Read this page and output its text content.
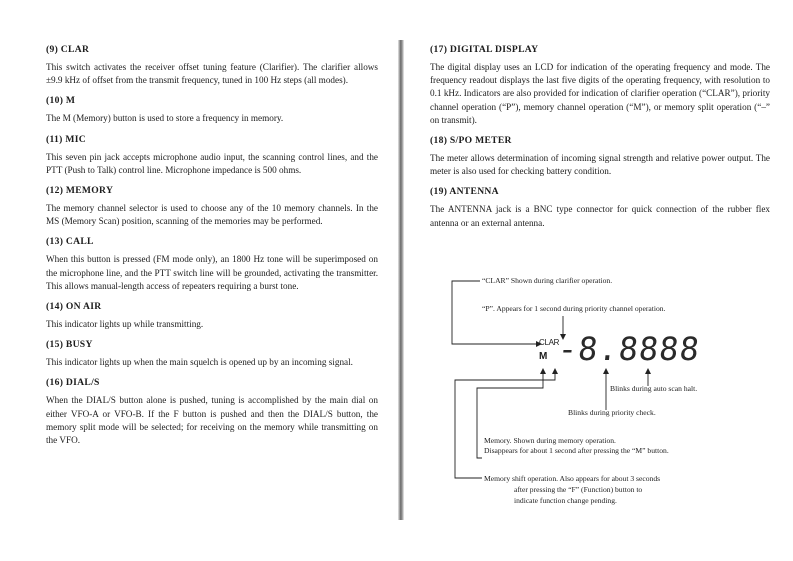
(9) CLAR

This switch activates the receiver offset tuning feature (Clarifier). The clarifier allows ±9.9 kHz of offset from the transmit frequency, tuned in 100 Hz steps (all modes).

(10) M

The M (Memory) button is used to store a frequency in memory.

(11) MIC

This seven pin jack accepts microphone audio input, the scanning control lines, and the PTT (Push to Talk) control line. Microphone impedance is 500 ohms.

(12) MEMORY

The memory channel selector is used to choose any of the 10 memory channels. In the MS (Memory Scan) position, scanning of the memories may be performed.

(13) CALL

When this button is pressed (FM mode only), an 1800 Hz tone will be superimposed on the microphone line, and the PTT switch line will be grounded, activating the transmitter. This allows manual-length access of repeaters requiring a burst tone.

(14) ON AIR

This indicator lights up while transmitting.

(15) BUSY

This indicator lights up when the main squelch is opened up by an incoming signal.

(16) DIAL/S

When the DIAL/S button alone is pushed, tuning is accomplished by the main dial on either VFO-A or VFO-B. If the F button is pushed and then the DIAL/S button, the memory split mode will be selected; for receiving on the memory while transmitting on the VFO.

(17) DIGITAL DISPLAY

The digital display uses an LCD for indication of the operating frequency and mode. The frequency readout displays the last five digits of the operating frequency, with resolution to 0.1 kHz. Indicators are also provided for indication of clarifier operation (“CLAR”), priority channel operation (“P”), memory channel operation (“M”), or memory split operation (“–” on transmit).

(18) S/PO METER

The meter allows determination of incoming signal strength and relative power output. The meter is also used for checking battery condition.

(19) ANTENNA

The ANTENNA jack is a BNC type connector for quick connection of the rubber flex antenna or an external antenna.

“CLAR” Shown during clarifier operation.
“P”. Appears for 1 second during priority channel operation.
CLAR
M -8.8888
Blinks during auto scan halt.
Blinks during priority check.
Memory. Shown during memory operation.
Disappears for about 1 second after pressing the “M” button.
Memory shift operation. Also appears for about 3 seconds
after pressing the “F” (Function) button to
indicate function change pending.
